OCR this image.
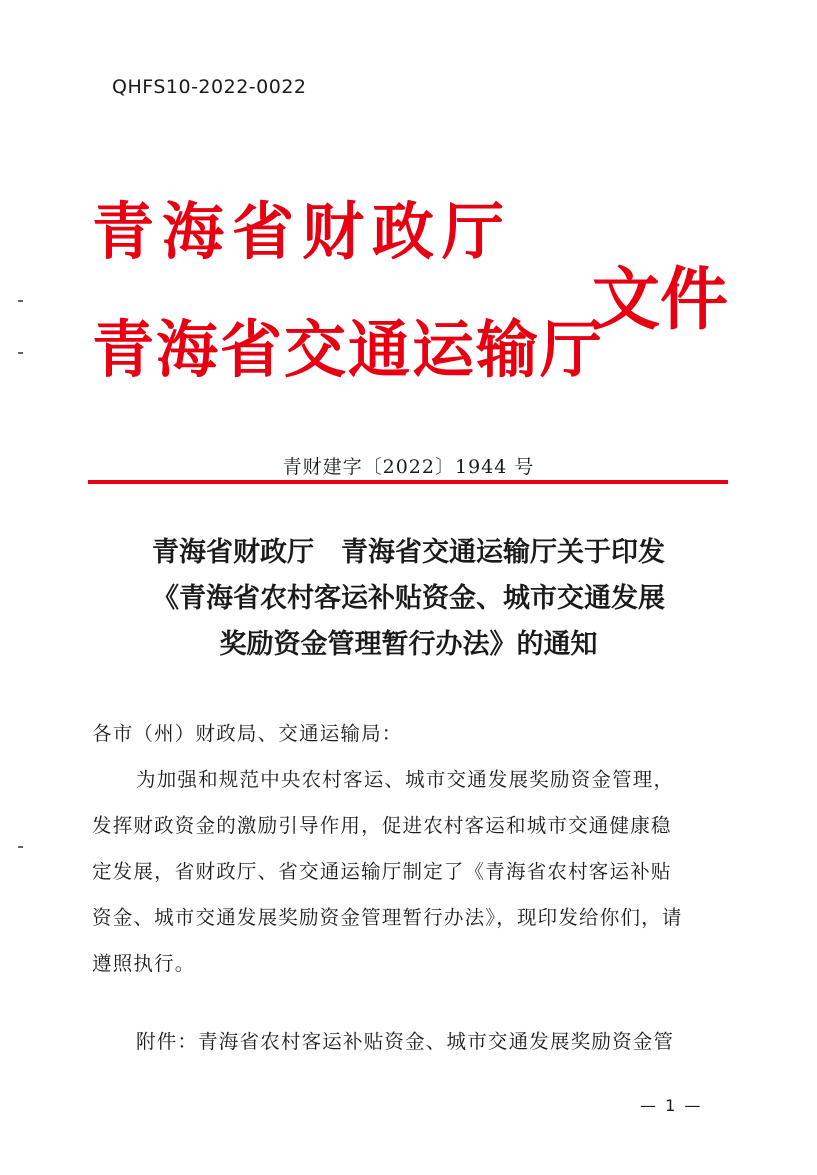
QHFS10-2022-0022
青海省财政厅
青海省交通运输厅
文件
青财建字〔2022〕1944 号
青海省财政厅　青海省交通运输厅关于印发
《青海省农村客运补贴资金、城市交通发展
奖励资金管理暂行办法》的通知
各市（州）财政局、交通运输局：
为加强和规范中央农村客运、城市交通发展奖励资金管理，
发挥财政资金的激励引导作用，促进农村客运和城市交通健康稳
定发展，省财政厅、省交通运输厅制定了《青海省农村客运补贴
资金、城市交通发展奖励资金管理暂行办法》，现印发给你们，请
遵照执行。
附件：青海省农村客运补贴资金、城市交通发展奖励资金管
— 1 —
